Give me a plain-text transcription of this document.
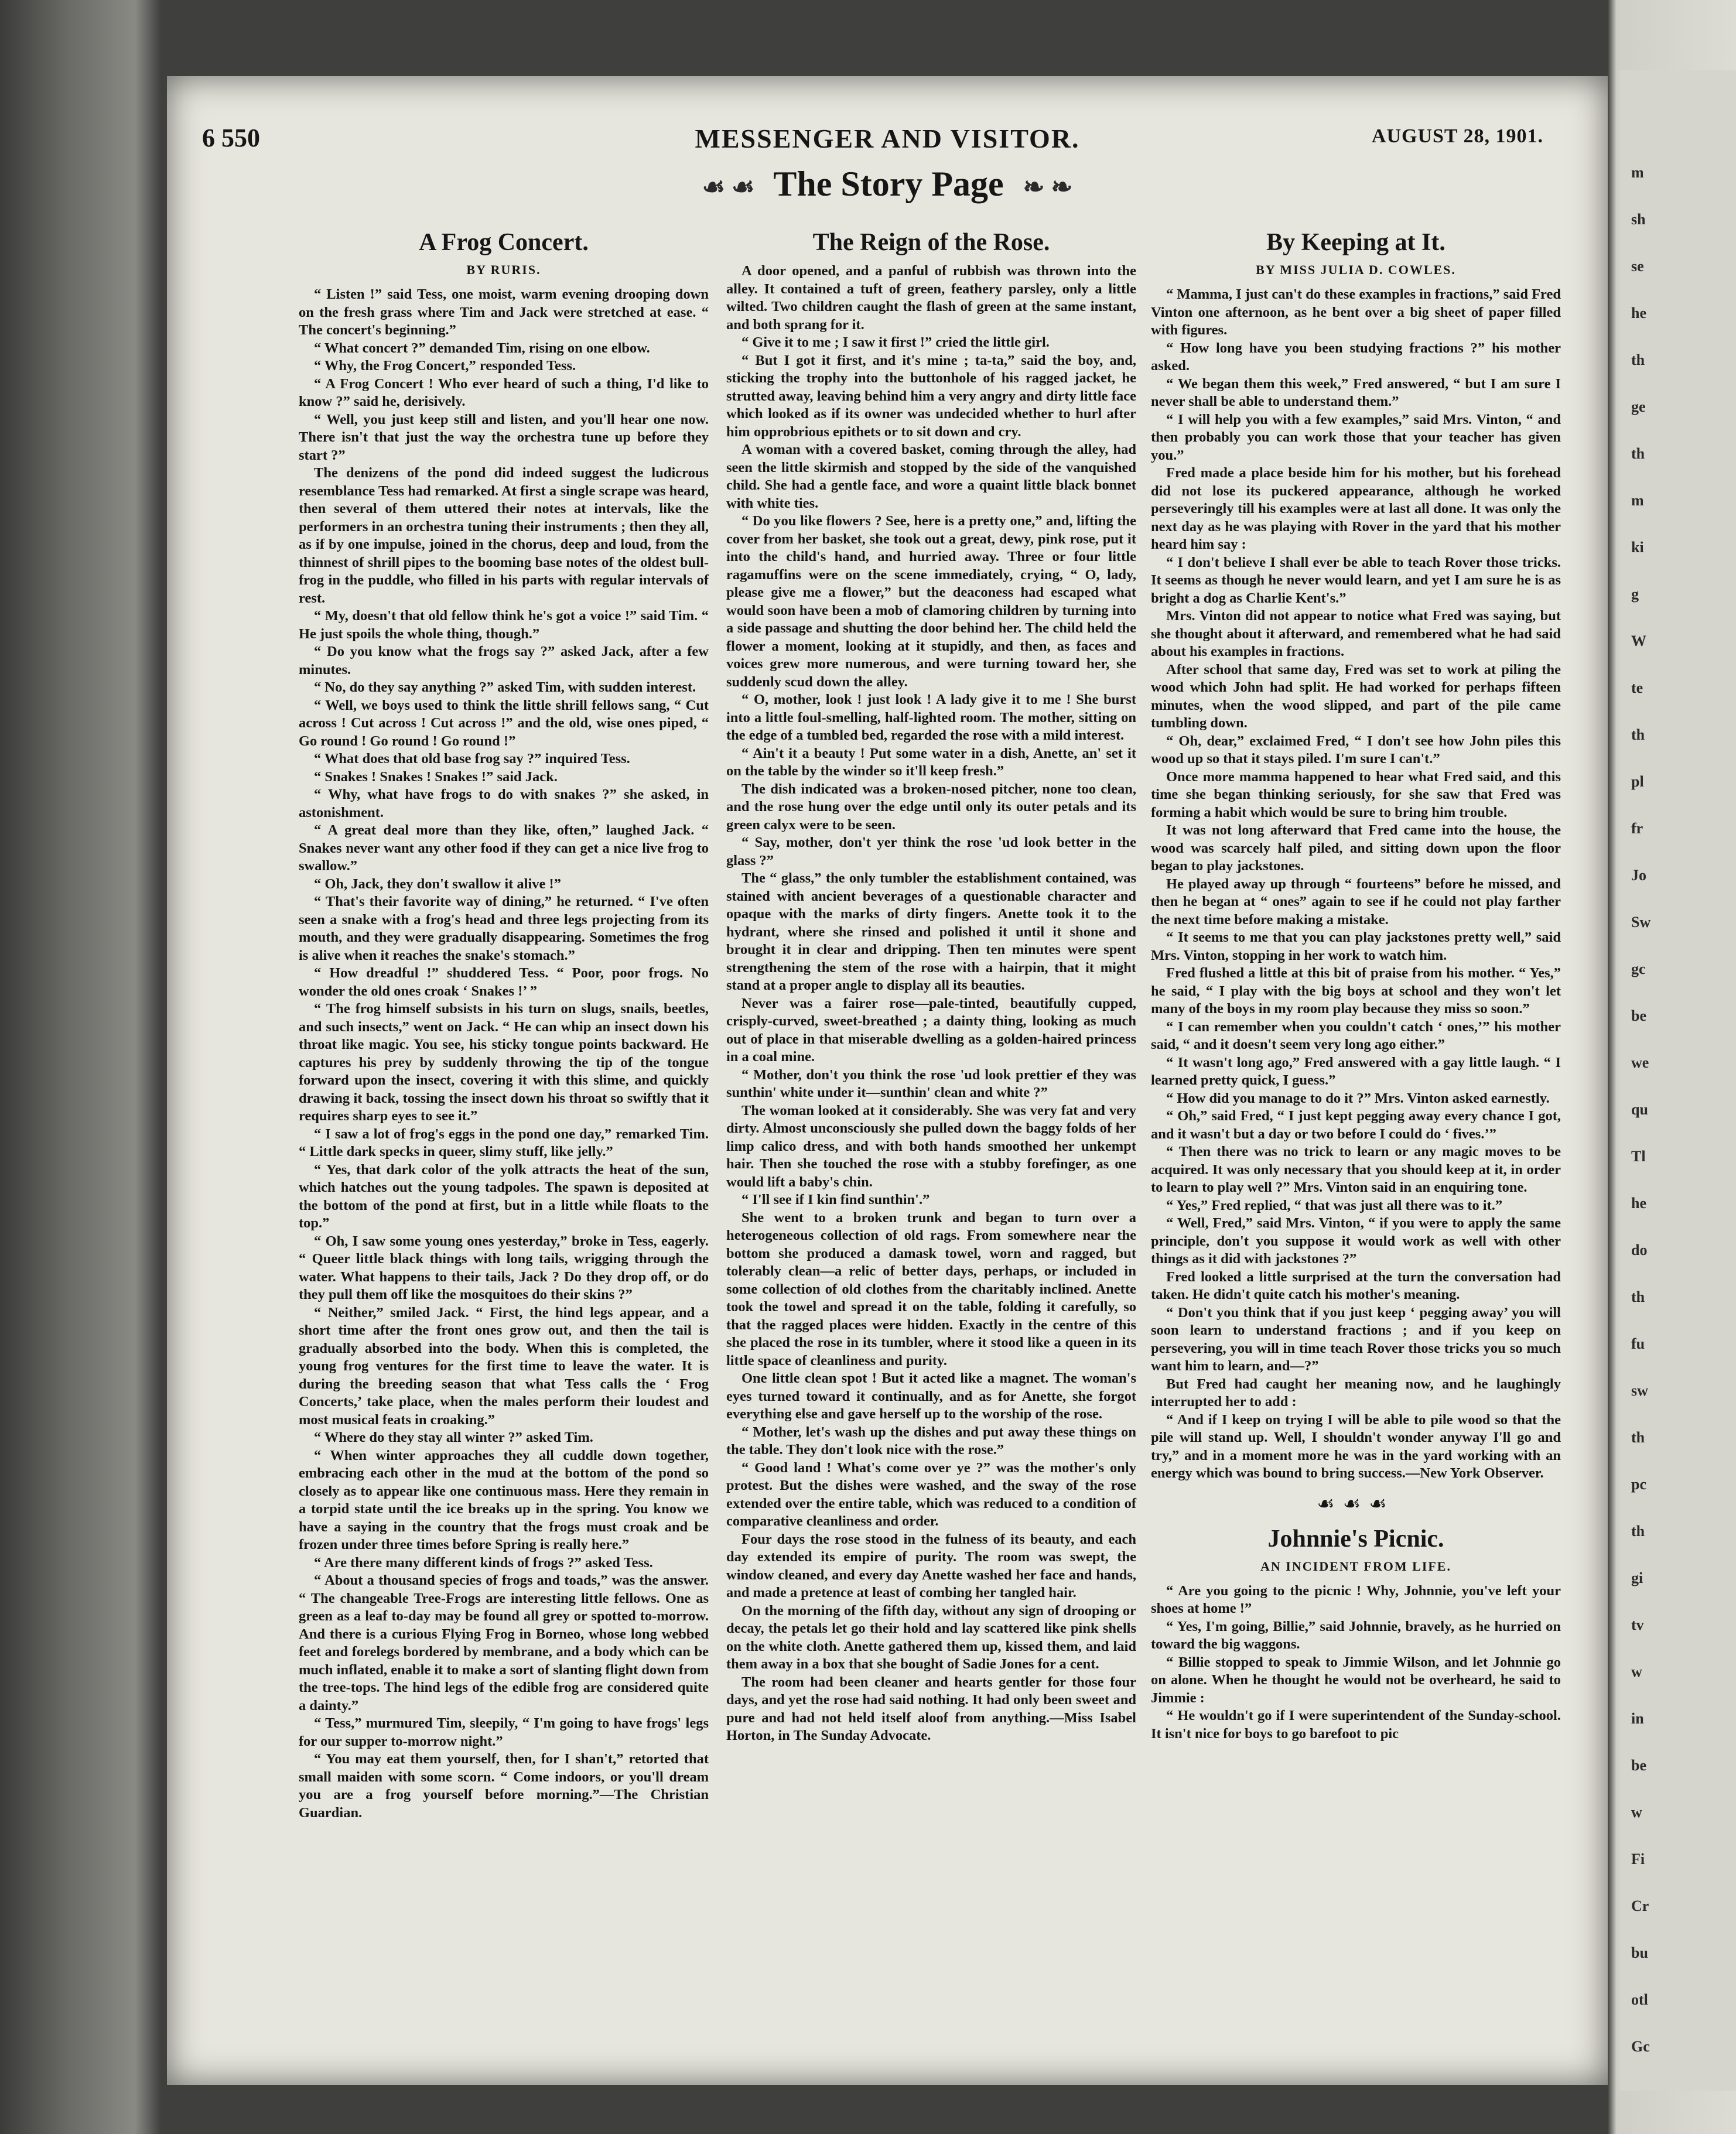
6 550	MESSENGER AND VISITOR.	AUGUST 28, 1901.
☙ ☙ The Story Page ❧ ❧
A Frog Concert.
BY RURIS.

“ Listen !” said Tess, one moist, warm evening drooping down on the fresh grass where Tim and Jack were stretched at ease. “ The concert's beginning.”

“ What concert ?” demanded Tim, rising on one elbow.

“ Why, the Frog Concert,” responded Tess.

“ A Frog Concert ! Who ever heard of such a thing, I'd like to know ?” said he, derisively.

“ Well, you just keep still and listen, and you'll hear one now. There isn't that just the way the orchestra tune up before they start ?”

The denizens of the pond did indeed suggest the ludicrous resemblance Tess had remarked. At first a single scrape was heard, then several of them uttered their notes at intervals, like the performers in an orchestra tuning their instruments ; then they all, as if by one impulse, joined in the chorus, deep and loud, from the thinnest of shrill pipes to the booming base notes of the oldest bull-frog in the puddle, who filled in his parts with regular intervals of rest.

“ My, doesn't that old fellow think he's got a voice !” said Tim. “ He just spoils the whole thing, though.”

“ Do you know what the frogs say ?” asked Jack, after a few minutes.

“ No, do they say anything ?” asked Tim, with sudden interest.

“ Well, we boys used to think the little shrill fellows sang, “ Cut across ! Cut across ! Cut across !” and the old, wise ones piped, “ Go round ! Go round ! Go round !”

“ What does that old base frog say ?” inquired Tess.

“ Snakes ! Snakes ! Snakes !” said Jack.

“ Why, what have frogs to do with snakes ?” she asked, in astonishment.

“ A great deal more than they like, often,” laughed Jack. “ Snakes never want any other food if they can get a nice live frog to swallow.”

“ Oh, Jack, they don't swallow it alive !”

“ That's their favorite way of dining,” he returned. “ I've often seen a snake with a frog's head and three legs projecting from its mouth, and they were gradually disappearing. Sometimes the frog is alive when it reaches the snake's stomach.”

“ How dreadful !” shuddered Tess. “ Poor, poor frogs. No wonder the old ones croak ‘ Snakes !’ ”

“ The frog himself subsists in his turn on slugs, snails, beetles, and such insects,” went on Jack. “ He can whip an insect down his throat like magic. You see, his sticky tongue points backward. He captures his prey by suddenly throwing the tip of the tongue forward upon the insect, covering it with this slime, and quickly drawing it back, tossing the insect down his throat so swiftly that it requires sharp eyes to see it.”

“ I saw a lot of frog's eggs in the pond one day,” remarked Tim. “ Little dark specks in queer, slimy stuff, like jelly.”

“ Yes, that dark color of the yolk attracts the heat of the sun, which hatches out the young tadpoles. The spawn is deposited at the bottom of the pond at first, but in a little while floats to the top.”

“ Oh, I saw some young ones yesterday,” broke in Tess, eagerly. “ Queer little black things with long tails, wrigging through the water. What happens to their tails, Jack ? Do they drop off, or do they pull them off like the mosquitoes do their skins ?”

“ Neither,” smiled Jack. “ First, the hind legs appear, and a short time after the front ones grow out, and then the tail is gradually absorbed into the body. When this is completed, the young frog ventures for the first time to leave the water. It is during the breeding season that what Tess calls the ‘ Frog Concerts,’ take place, when the males perform their loudest and most musical feats in croaking.”

“ Where do they stay all winter ?” asked Tim.

“ When winter approaches they all cuddle down together, embracing each other in the mud at the bottom of the pond so closely as to appear like one continuous mass. Here they remain in a torpid state until the ice breaks up in the spring. You know we have a saying in the country that the frogs must croak and be frozen under three times before Spring is really here.”

“ Are there many different kinds of frogs ?” asked Tess.

“ About a thousand species of frogs and toads,” was the answer. “ The changeable Tree-Frogs are interesting little fellows. One as green as a leaf to-day may be found all grey or spotted to-morrow. And there is a curious Flying Frog in Borneo, whose long webbed feet and forelegs bordered by membrane, and a body which can be much inflated, enable it to make a sort of slanting flight down from the tree-tops. The hind legs of the edible frog are considered quite a dainty.”

“ Tess,” murmured Tim, sleepily, “ I'm going to have frogs' legs for our supper to-morrow night.”

“ You may eat them yourself, then, for I shan't,” retorted that small maiden with some scorn. “ Come indoors, or you'll dream you are a frog yourself before morning.”—The Christian Guardian.

The Reign of the Rose.

A door opened, and a panful of rubbish was thrown into the alley. It contained a tuft of green, feathery parsley, only a little wilted. Two children caught the flash of green at the same instant, and both sprang for it.

“ Give it to me ; I saw it first !” cried the little girl.

“ But I got it first, and it's mine ; ta-ta,” said the boy, and, sticking the trophy into the buttonhole of his ragged jacket, he strutted away, leaving behind him a very angry and dirty little face which looked as if its owner was undecided whether to hurl after him opprobrious epithets or to sit down and cry.

A woman with a covered basket, coming through the alley, had seen the little skirmish and stopped by the side of the vanquished child. She had a gentle face, and wore a quaint little black bonnet with white ties.

“ Do you like flowers ? See, here is a pretty one,” and, lifting the cover from her basket, she took out a great, dewy, pink rose, put it into the child's hand, and hurried away. Three or four little ragamuffins were on the scene immediately, crying, “ O, lady, please give me a flower,” but the deaconess had escaped what would soon have been a mob of clamoring children by turning into a side passage and shutting the door behind her. The child held the flower a moment, looking at it stupidly, and then, as faces and voices grew more numerous, and were turning toward her, she suddenly scud down the alley.

“ O, mother, look ! just look ! A lady give it to me ! She burst into a little foul-smelling, half-lighted room. The mother, sitting on the edge of a tumbled bed, regarded the rose with a mild interest.

“ Ain't it a beauty ! Put some water in a dish, Anette, an' set it on the table by the winder so it'll keep fresh.”

The dish indicated was a broken-nosed pitcher, none too clean, and the rose hung over the edge until only its outer petals and its green calyx were to be seen.

“ Say, mother, don't yer think the rose 'ud look better in the glass ?”

The “ glass,” the only tumbler the establishment contained, was stained with ancient beverages of a questionable character and opaque with the marks of dirty fingers. Anette took it to the hydrant, where she rinsed and polished it until it shone and brought it in clear and dripping. Then ten minutes were spent strengthening the stem of the rose with a hairpin, that it might stand at a proper angle to display all its beauties.

Never was a fairer rose—pale-tinted, beautifully cupped, crisply-curved, sweet-breathed ; a dainty thing, looking as much out of place in that miserable dwelling as a golden-haired princess in a coal mine.

“ Mother, don't you think the rose 'ud look prettier ef they was sunthin' white under it—sunthin' clean and white ?”

The woman looked at it considerably. She was very fat and very dirty. Almost unconsciously she pulled down the baggy folds of her limp calico dress, and with both hands smoothed her unkempt hair. Then she touched the rose with a stubby forefinger, as one would lift a baby's chin.

“ I'll see if I kin find sunthin'.”

She went to a broken trunk and began to turn over a heterogeneous collection of old rags. From somewhere near the bottom she produced a damask towel, worn and ragged, but tolerably clean—a relic of better days, perhaps, or included in some collection of old clothes from the charitably inclined. Anette took the towel and spread it on the table, folding it carefully, so that the ragged places were hidden. Exactly in the centre of this she placed the rose in its tumbler, where it stood like a queen in its little space of cleanliness and purity.

One little clean spot ! But it acted like a magnet. The woman's eyes turned toward it continually, and as for Anette, she forgot everything else and gave herself up to the worship of the rose.

“ Mother, let's wash up the dishes and put away these things on the table. They don't look nice with the rose.”

“ Good land ! What's come over ye ?” was the mother's only protest. But the dishes were washed, and the sway of the rose extended over the entire table, which was reduced to a condition of comparative cleanliness and order.

Four days the rose stood in the fulness of its beauty, and each day extended its empire of purity. The room was swept, the window cleaned, and every day Anette washed her face and hands, and made a pretence at least of combing her tangled hair.

On the morning of the fifth day, without any sign of drooping or decay, the petals let go their hold and lay scattered like pink shells on the white cloth. Anette gathered them up, kissed them, and laid them away in a box that she bought of Sadie Jones for a cent.

The room had been cleaner and hearts gentler for those four days, and yet the rose had said nothing. It had only been sweet and pure and had not held itself aloof from anything.—Miss Isabel Horton, in The Sunday Advocate.

By Keeping at It.
BY MISS JULIA D. COWLES.

“ Mamma, I just can't do these examples in fractions,” said Fred Vinton one afternoon, as he bent over a big sheet of paper filled with figures.

“ How long have you been studying fractions ?” his mother asked.

“ We began them this week,” Fred answered, “ but I am sure I never shall be able to understand them.”

“ I will help you with a few examples,” said Mrs. Vinton, “ and then probably you can work those that your teacher has given you.”

Fred made a place beside him for his mother, but his forehead did not lose its puckered appearance, although he worked perseveringly till his examples were at last all done. It was only the next day as he was playing with Rover in the yard that his mother heard him say :

“ I don't believe I shall ever be able to teach Rover those tricks. It seems as though he never would learn, and yet I am sure he is as bright a dog as Charlie Kent's.”

Mrs. Vinton did not appear to notice what Fred was saying, but she thought about it afterward, and remembered what he had said about his examples in fractions.

After school that same day, Fred was set to work at piling the wood which John had split. He had worked for perhaps fifteen minutes, when the wood slipped, and part of the pile came tumbling down.

“ Oh, dear,” exclaimed Fred, “ I don't see how John piles this wood up so that it stays piled. I'm sure I can't.”

Once more mamma happened to hear what Fred said, and this time she began thinking seriously, for she saw that Fred was forming a habit which would be sure to bring him trouble.

It was not long afterward that Fred came into the house, the wood was scarcely half piled, and sitting down upon the floor began to play jackstones.

He played away up through “ fourteens” before he missed, and then he began at “ ones” again to see if he could not play farther the next time before making a mistake.

“ It seems to me that you can play jackstones pretty well,” said Mrs. Vinton, stopping in her work to watch him.

Fred flushed a little at this bit of praise from his mother. “ Yes,” he said, “ I play with the big boys at school and they won't let many of the boys in my room play because they miss so soon.”

“ I can remember when you couldn't catch ‘ ones,’” his mother said, “ and it doesn't seem very long ago either.”

“ It wasn't long ago,” Fred answered with a gay little laugh. “ I learned pretty quick, I guess.”

“ How did you manage to do it ?” Mrs. Vinton asked earnestly.

“ Oh,” said Fred, “ I just kept pegging away every chance I got, and it wasn't but a day or two before I could do ‘ fives.’”

“ Then there was no trick to learn or any magic moves to be acquired. It was only necessary that you should keep at it, in order to learn to play well ?” Mrs. Vinton said in an enquiring tone.

“ Yes,” Fred replied, “ that was just all there was to it.”

“ Well, Fred,” said Mrs. Vinton, “ if you were to apply the same principle, don't you suppose it would work as well with other things as it did with jackstones ?”

Fred looked a little surprised at the turn the conversation had taken. He didn't quite catch his mother's meaning.

“ Don't you think that if you just keep ‘ pegging away’ you will soon learn to understand fractions ; and if you keep on persevering, you will in time teach Rover those tricks you so much want him to learn, and—?”

But Fred had caught her meaning now, and he laughingly interrupted her to add :

“ And if I keep on trying I will be able to pile wood so that the pile will stand up. Well, I shouldn't wonder anyway I'll go and try,” and in a moment more he was in the yard working with an energy which was bound to bring success.—New York Observer.

☙☙☙
Johnnie's Picnic.
AN INCIDENT FROM LIFE.

“ Are you going to the picnic ! Why, Johnnie, you've left your shoes at home !”

“ Yes, I'm going, Billie,” said Johnnie, bravely, as he hurried on toward the big waggons.

“ Billie stopped to speak to Jimmie Wilson, and let Johnnie go on alone. When he thought he would not be overheard, he said to Jimmie :

“ He wouldn't go if I were superintendent of the Sunday-school. It isn't nice for boys to go barefoot to pic

m
sh
se
he
th
ge
th
m
ki
g
W
te
th
pl
fr
Jo
Sw
gc
be
we
qu
Tl
he
do
th
fu
sw
th
pc
th
gi
tv
w
in
be
w
Fi
Cr
bu
otl
Gc
